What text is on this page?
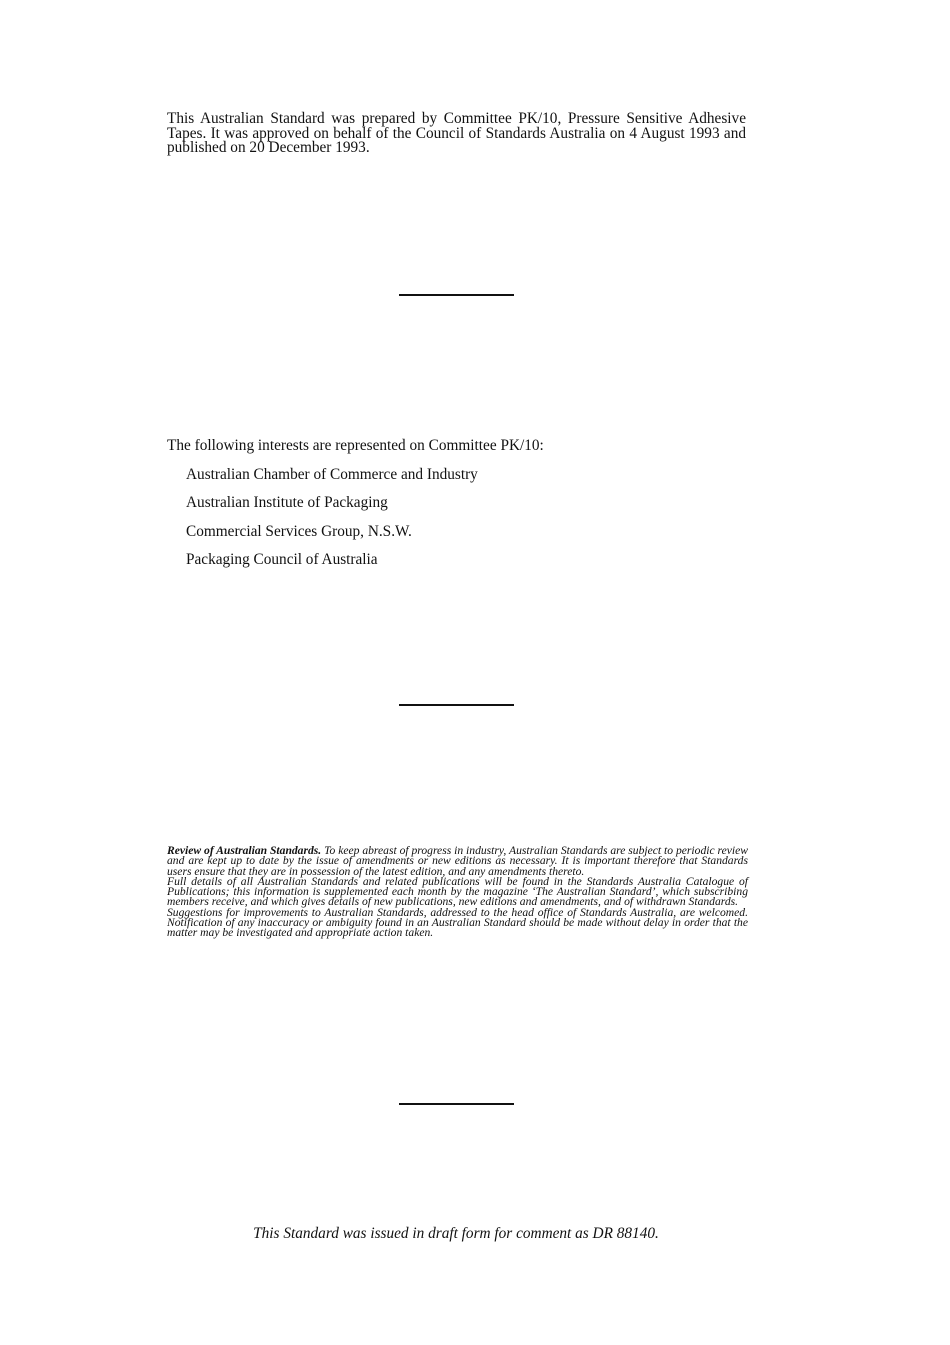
This Australian Standard was prepared by Committee PK/10, Pressure Sensitive Adhesive Tapes. It was approved on behalf of the Council of Standards Australia on 4 August 1993 and published on 20 December 1993.

The following interests are represented on Committee PK/10:

Australian Chamber of Commerce and Industry
Australian Institute of Packaging
Commercial Services Group, N.S.W.
Packaging Council of Australia

Review of Australian Standards. To keep abreast of progress in industry, Australian Standards are subject to periodic review and are kept up to date by the issue of amendments or new editions as necessary. It is important therefore that Standards users ensure that they are in possession of the latest edition, and any amendments thereto.

Full details of all Australian Standards and related publications will be found in the Standards Australia Catalogue of Publications; this information is supplemented each month by the magazine ‘The Australian Standard’, which subscribing members receive, and which gives details of new publications, new editions and amendments, and of withdrawn Standards.

Suggestions for improvements to Australian Standards, addressed to the head office of Standards Australia, are welcomed. Notification of any inaccuracy or ambiguity found in an Australian Standard should be made without delay in order that the matter may be investigated and appropriate action taken.

This Standard was issued in draft form for comment as DR 88140.
